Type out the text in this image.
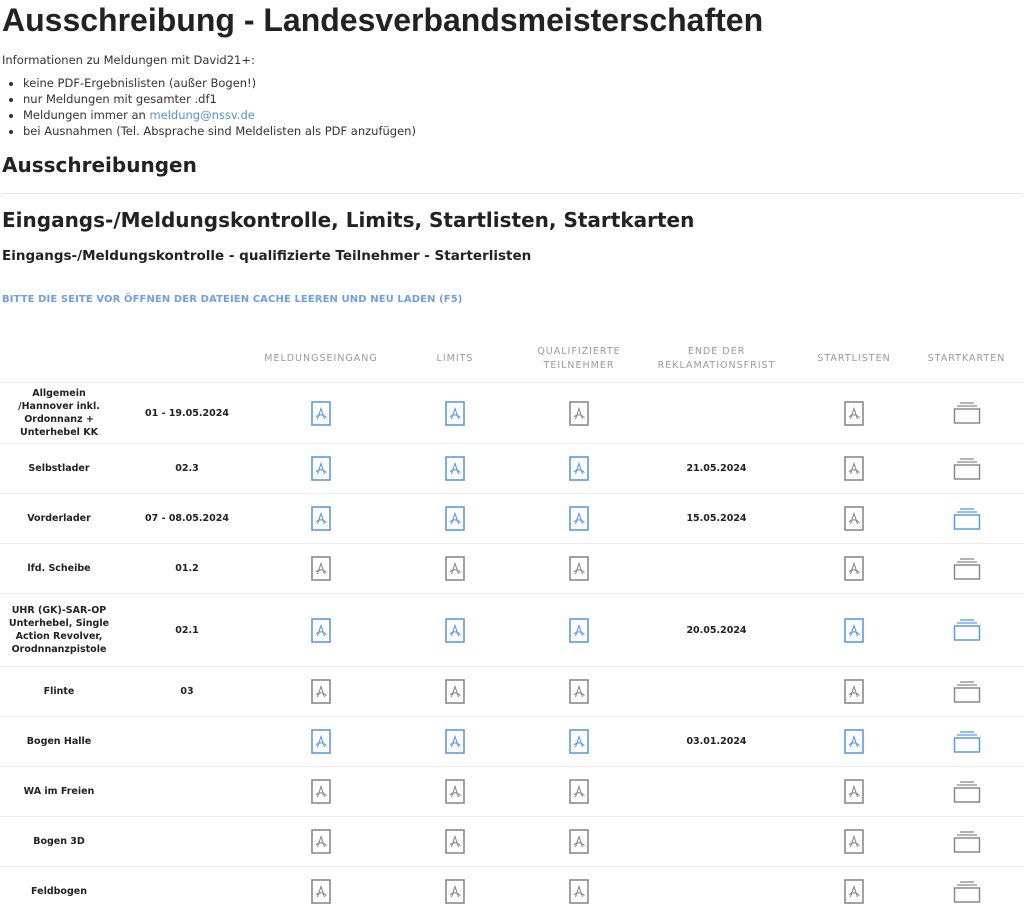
Ausschreibung - Landesverbandsmeisterschaften

Informationen zu Meldungen mit David21+:

• keine PDF-Ergebnislisten (außer Bogen!)
• nur Meldungen mit gesamter .df1
• Meldungen immer an meldung@nssv.de
• bei Ausnahmen (Tel. Absprache sind Meldelisten als PDF anzufügen)
Ausschreibungen
Eingangs-/Meldungskontrolle, Limits, Startlisten, Startkarten
Eingangs-/Meldungskontrolle - qualifizierte Teilnehmer - Starterlisten

BITTE DIE SEITE VOR ÖFFNEN DER DATEIEN CACHE LEEREN UND NEU LADEN (F5)

		MELDUNGSEINGANG	LIMITS	QUALIFIZIERTE
TEILNEHMER	ENDE DER
REKLAMATIONSFRIST	STARTLISTEN	STARTKARTEN
Allgemein /Hannover inkl. Ordonnanz + Unterhebel KK	01 - 19.05.2024						
Selbstlader	02.3				21.05.2024		
Vorderlader	07 - 08.05.2024				15.05.2024		
lfd. Scheibe	01.2						
UHR (GK)-SAR-OP Unterhebel, Single Action Revolver, Orodnnanzpistole	02.1				20.05.2024		
Flinte	03						
Bogen Halle					03.01.2024		
WA im Freien							
Bogen 3D							
Feldbogen							
